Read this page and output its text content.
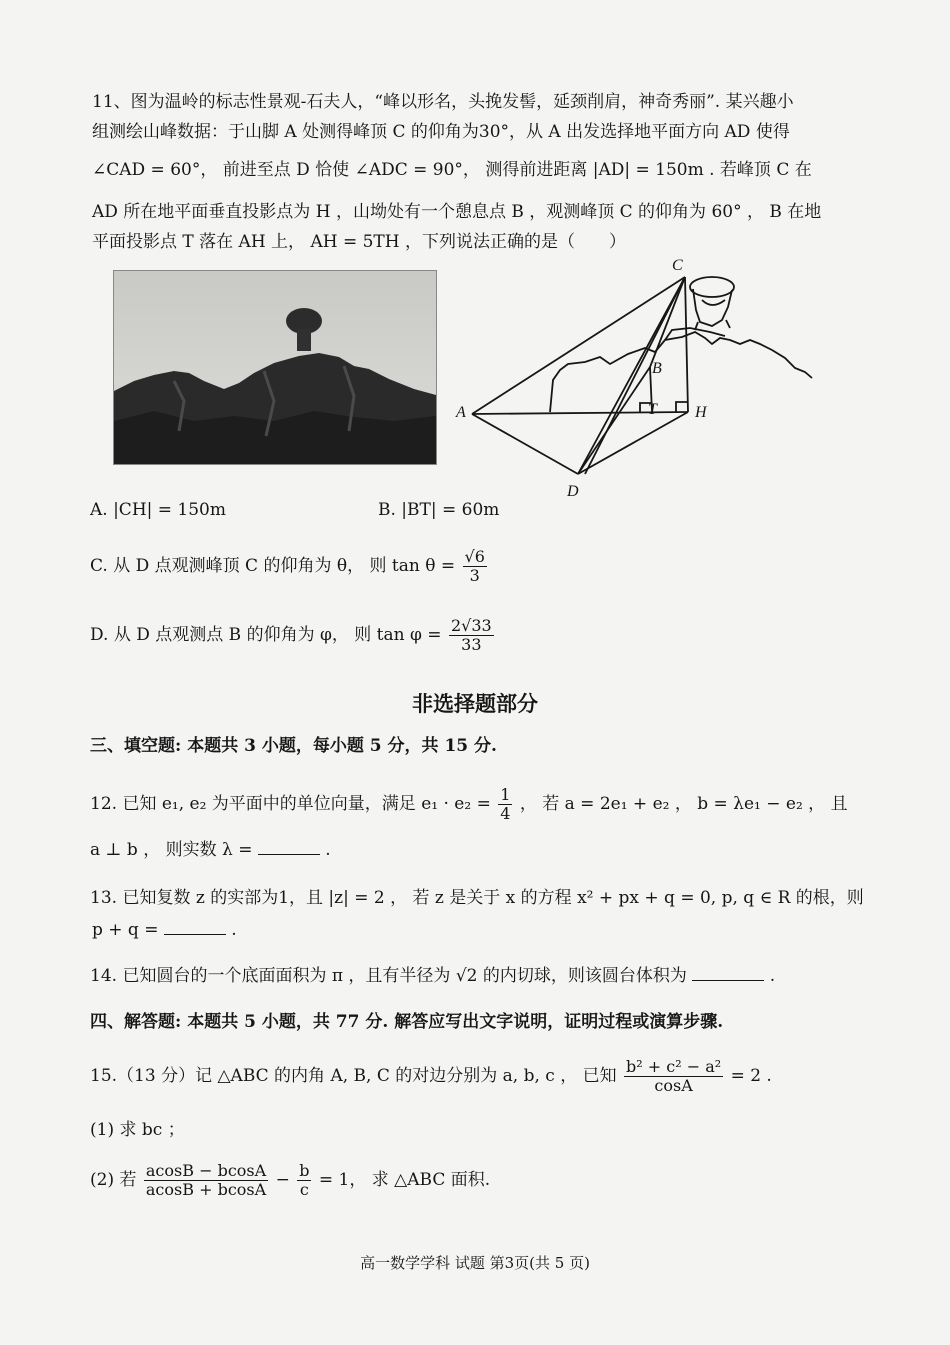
11、图为温岭的标志性景观-石夫人，“峰以形名，头挽发髻，延颈削肩，神奇秀丽”. 某兴趣小
组测绘山峰数据：于山脚 A 处测得峰顶 C 的仰角为30°，从 A 出发选择地平面方向 AD 使得
∠CAD = 60°， 前进至点 D 恰使 ∠ADC = 90°， 测得前进距离 |AD| = 150m . 若峰顶 C 在
AD 所在地平面垂直投影点为 H ，山坳处有一个憩息点 B ，观测峰顶 C 的仰角为 60° ， B 在地
平面投影点 T 落在 AH 上， AH = 5TH ，下列说法正确的是（　　）
C
B
A	T H
D
A. |CH| = 150m	B. |BT| = 60m
C. 从 D 点观测峰顶 C 的仰角为 θ， 则 $\tan \theta = \frac{√6}{3}$
D. 从 D 点观测点 B 的仰角为 φ， 则 $\tan \varphi = \frac{2√33}{33}$
非选择题部分
三、填空题: 本题共 3 小题，每小题 5 分，共 15 分.
12. 已知 e₁, e₂ 为平面中的单位向量，满足 $e_1 \cdot e_2 = \frac{1}{4}$ ， 若 a = 2e₁ + e₂ ， b = λe₁ − e₂ ， 且
a ⊥ b ， 则实数 λ =	.
13. 已知复数 z 的实部为1，且 |z| = 2 ， 若 z 是关于 x 的方程 x² + px + q = 0, p, q ∈ R 的根，则
p + q =	.
14. 已知圆台的一个底面面积为 π ，且有半径为 √2 的内切球，则该圆台体积为	.
四、解答题: 本题共 5 小题，共 77 分. 解答应写出文字说明，证明过程或演算步骤.
15.（13 分）记 △ABC 的内角 A, B, C 的对边分别为 a, b, c ， 已知 $\frac{\text{b² + c² − a²}}{\cos A} = 2$ .
(1) 求 bc ；
(2) 若 $\frac{acosB - bcosA}{acosB + bcosA} - \frac{b}{c} = 1$， 求 △ABC 面积.
高一数学学科 试题 第3页(共 5 页)
